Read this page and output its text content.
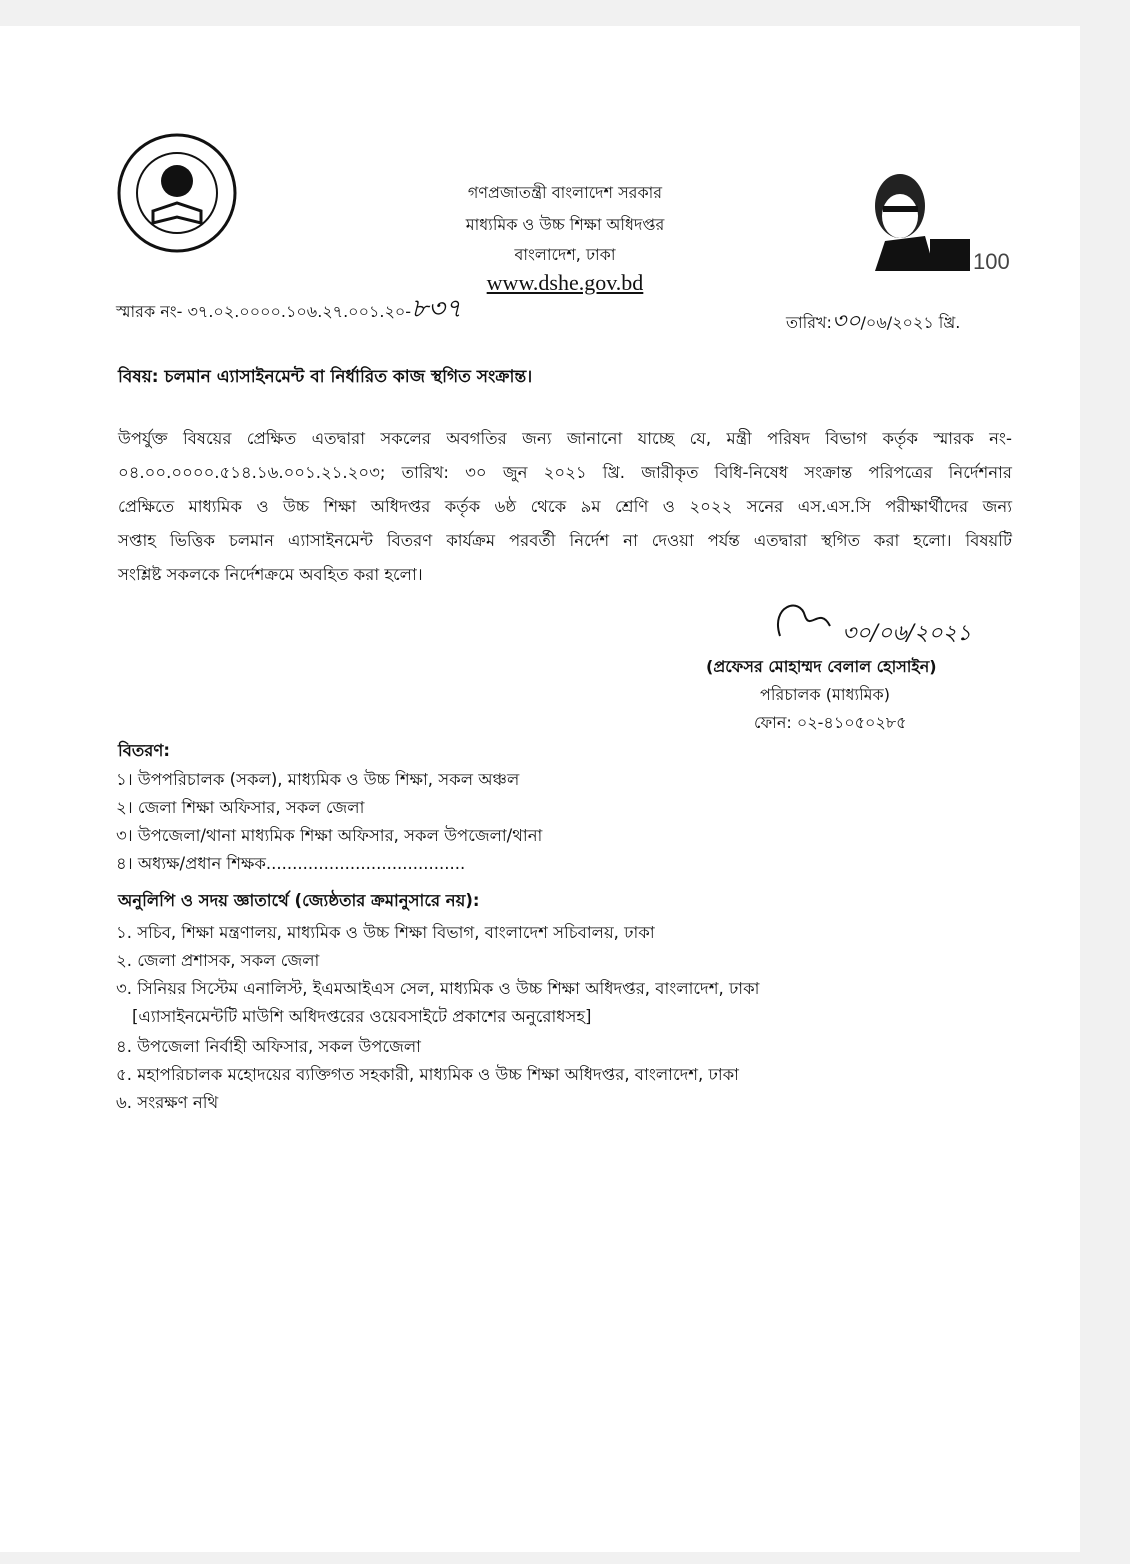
গণপ্রজাতন্ত্রী বাংলাদেশ সরকার
মাধ্যমিক ও উচ্চ শিক্ষা অধিদপ্তর
বাংলাদেশ, ঢাকা
www.dshe.gov.bd
100
স্মারক নং- ৩৭.০২.০০০০.১০৬.২৭.০০১.২০-৮৩৭	তারিখ:৩০/০৬/২০২১ খ্রি.
বিষয়: চলমান এ্যাসাইনমেন্ট বা নির্ধারিত কাজ স্থগিত সংক্রান্ত।
উপর্যুক্ত বিষয়ের প্রেক্ষিত এতদ্বারা সকলের অবগতির জন্য জানানো যাচ্ছে যে, মন্ত্রী পরিষদ বিভাগ কর্তৃক স্মারক নং-
০৪.০০.০০০০.৫১৪.১৬.০০১.২১.২০৩; তারিখ: ৩০ জুন ২০২১ খ্রি. জারীকৃত বিধি-নিষেধ সংক্রান্ত পরিপত্রের নির্দেশনার
প্রেক্ষিতে মাধ্যমিক ও উচ্চ শিক্ষা অধিদপ্তর কর্তৃক ৬ষ্ঠ থেকে ৯ম শ্রেণি ও ২০২২ সনের এস.এস.সি পরীক্ষার্থীদের জন্য
সপ্তাহ ভিত্তিক চলমান এ্যাসাইনমেন্ট বিতরণ কার্যক্রম পরবর্তী নির্দেশ না দেওয়া পর্যন্ত এতদ্বারা স্থগিত করা হলো। বিষয়টি
সংশ্লিষ্ট সকলকে নির্দেশক্রমে অবহিত করা হলো।
৩০/০৬/২০২১
(প্রফেসর মোহাম্মদ বেলাল হোসাইন)
পরিচালক (মাধ্যমিক)
ফোন: ০২-৪১০৫০২৮৫
বিতরণ:
১। উপপরিচালক (সকল), মাধ্যমিক ও উচ্চ শিক্ষা, সকল অঞ্চল
২। জেলা শিক্ষা অফিসার, সকল জেলা
৩। উপজেলা/থানা মাধ্যমিক শিক্ষা অফিসার, সকল উপজেলা/থানা
৪। অধ্যক্ষ/প্রধান শিক্ষক......................................
অনুলিপি ও সদয় জ্ঞাতার্থে (জ্যেষ্ঠতার ক্রমানুসারে নয়):
১. সচিব, শিক্ষা মন্ত্রণালয়, মাধ্যমিক ও উচ্চ শিক্ষা বিভাগ, বাংলাদেশ সচিবালয়, ঢাকা
২. জেলা প্রশাসক, সকল জেলা
৩. সিনিয়র সিস্টেম এনালিস্ট, ইএমআইএস সেল, মাধ্যমিক ও উচ্চ শিক্ষা অধিদপ্তর, বাংলাদেশ, ঢাকা
[এ্যাসাইনমেন্টটি মাউশি অধিদপ্তরের ওয়েবসাইটে প্রকাশের অনুরোধসহ]
৪. উপজেলা নির্বাহী অফিসার, সকল উপজেলা
৫. মহাপরিচালক মহোদয়ের ব্যক্তিগত সহকারী, মাধ্যমিক ও উচ্চ শিক্ষা অধিদপ্তর, বাংলাদেশ, ঢাকা
৬. সংরক্ষণ নথি
